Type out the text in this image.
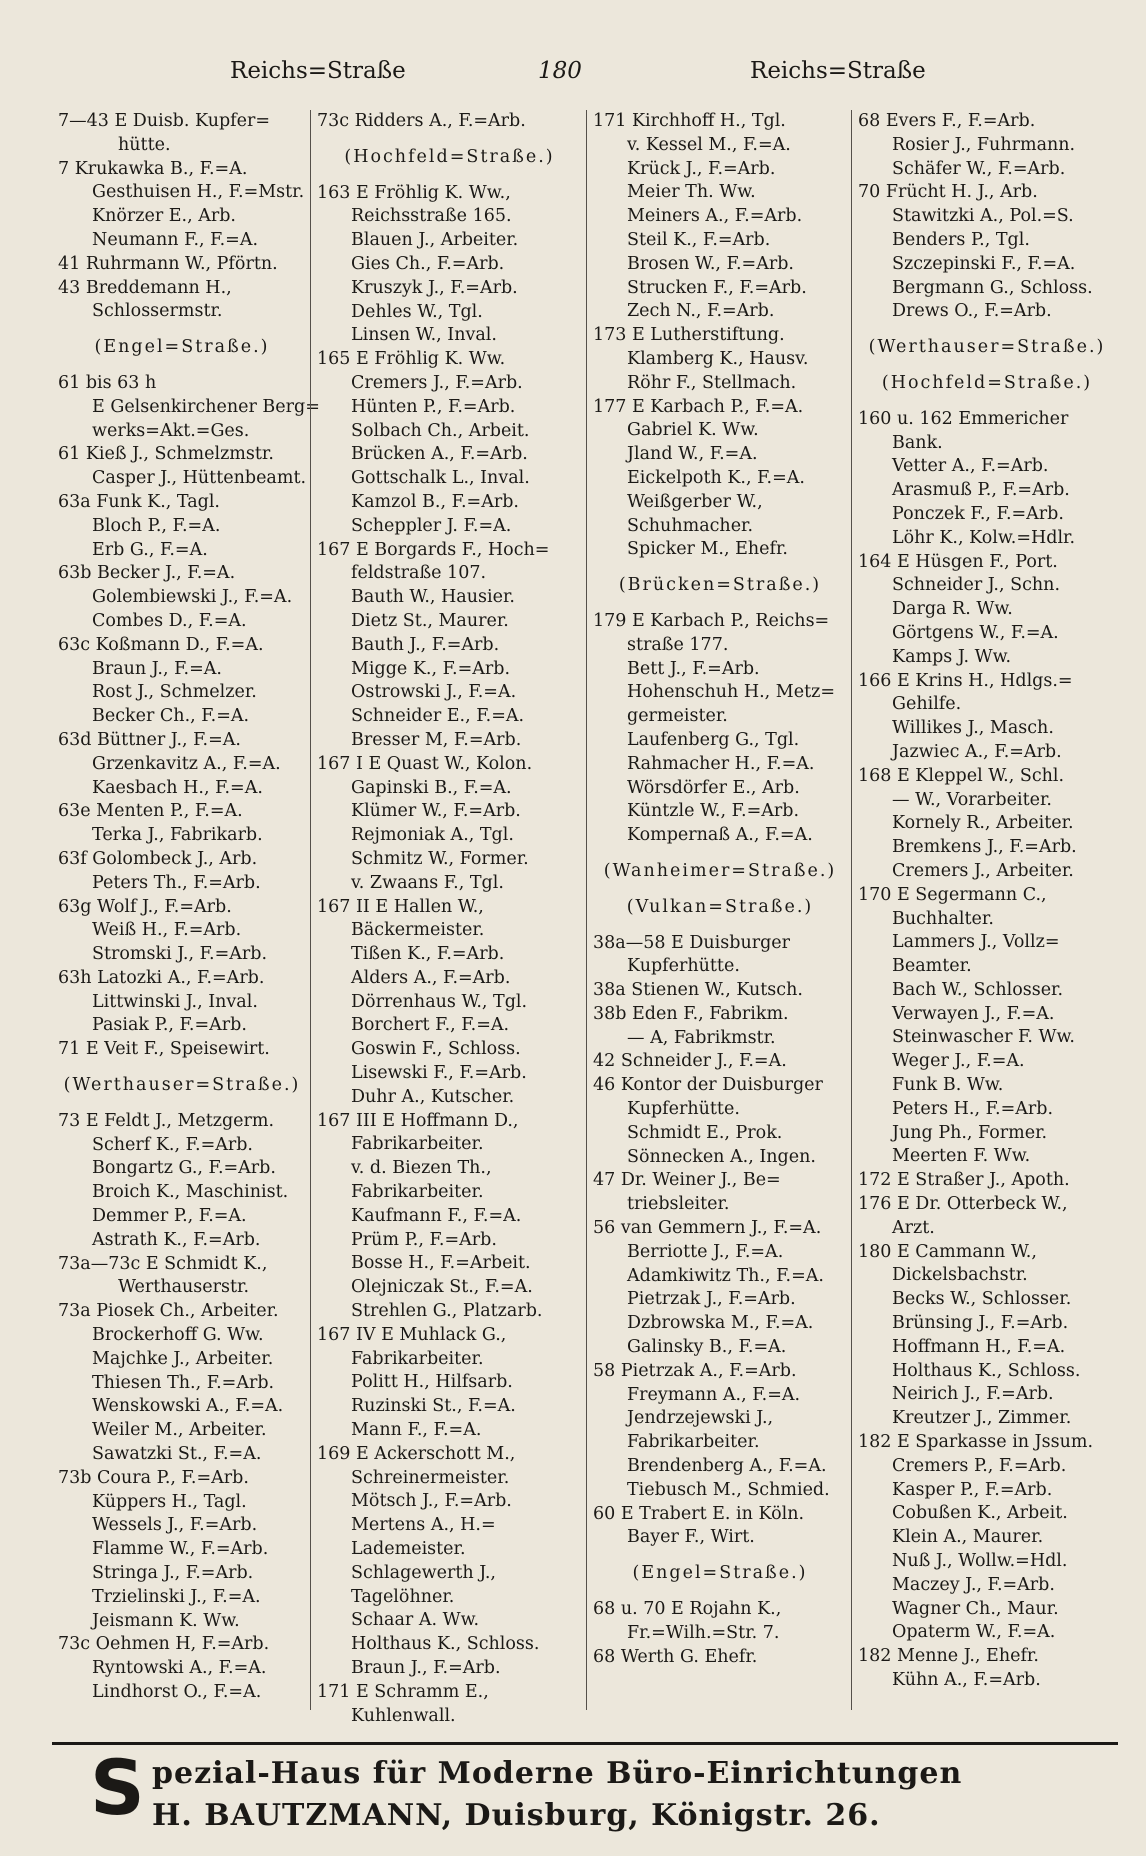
Reichs=Straße	180	Reichs=Straße
7—43 E Duisb. Kupfer=
hütte.
7 Krukawka B., F.=A.
Gesthuisen H., F.=Mstr.
Knörzer E., Arb.
Neumann F., F.=A.
41 Ruhrmann W., Pförtn.
43 Breddemann H.,
Schlossermstr.
(Engel=Straße.)
61 bis 63 h
E Gelsenkirchener Berg=
werks=Akt.=Ges.
61 Kieß J., Schmelzmstr.
Casper J., Hüttenbeamt.
63a Funk K., Tagl.
Bloch P., F.=A.
Erb G., F.=A.
63b Becker J., F.=A.
Golembiewski J., F.=A.
Combes D., F.=A.
63c Koßmann D., F.=A.
Braun J., F.=A.
Rost J., Schmelzer.
Becker Ch., F.=A.
63d Büttner J., F.=A.
Grzenkavitz A., F.=A.
Kaesbach H., F.=A.
63e Menten P., F.=A.
Terka J., Fabrikarb.
63f Golombeck J., Arb.
Peters Th., F.=Arb.
63g Wolf J., F.=Arb.
Weiß H., F.=Arb.
Stromski J., F.=Arb.
63h Latozki A., F.=Arb.
Littwinski J., Inval.
Pasiak P., F.=Arb.
71 E Veit F., Speisewirt.
(Werthauser=Straße.)
73 E Feldt J., Metzgerm.
Scherf K., F.=Arb.
Bongartz G., F.=Arb.
Broich K., Maschinist.
Demmer P., F.=A.
Astrath K., F.=Arb.
73a—73c E Schmidt K.,
Werthauserstr.
73a Piosek Ch., Arbeiter.
Brockerhoff G. Ww.
Majchke J., Arbeiter.
Thiesen Th., F.=Arb.
Wenskowski A., F.=A.
Weiler M., Arbeiter.
Sawatzki St., F.=A.
73b Coura P., F.=Arb.
Küppers H., Tagl.
Wessels J., F.=Arb.
Flamme W., F.=Arb.
Stringa J., F.=Arb.
Trzielinski J., F.=A.
Jeismann K. Ww.
73c Oehmen H, F.=Arb.
Ryntowski A., F.=A.
Lindhorst O., F.=A.
73c Ridders A., F.=Arb.
(Hochfeld=Straße.)
163 E Fröhlig K. Ww.,
Reichsstraße 165.
Blauen J., Arbeiter.
Gies Ch., F.=Arb.
Kruszyk J., F.=Arb.
Dehles W., Tgl.
Linsen W., Inval.
165 E Fröhlig K. Ww.
Cremers J., F.=Arb.
Hünten P., F.=Arb.
Solbach Ch., Arbeit.
Brücken A., F.=Arb.
Gottschalk L., Inval.
Kamzol B., F.=Arb.
Scheppler J. F.=A.
167 E Borgards F., Hoch=
feldstraße 107.
Bauth W., Hausier.
Dietz St., Maurer.
Bauth J., F.=Arb.
Migge K., F.=Arb.
Ostrowski J., F.=A.
Schneider E., F.=A.
Bresser M, F.=Arb.
167 I E Quast W., Kolon.
Gapinski B., F.=A.
Klümer W., F.=Arb.
Rejmoniak A., Tgl.
Schmitz W., Former.
v. Zwaans F., Tgl.
167 II E Hallen W.,
Bäckermeister.
Tißen K., F.=Arb.
Alders A., F.=Arb.
Dörrenhaus W., Tgl.
Borchert F., F.=A.
Goswin F., Schloss.
Lisewski F., F.=Arb.
Duhr A., Kutscher.
167 III E Hoffmann D.,
Fabrikarbeiter.
v. d. Biezen Th.,
Fabrikarbeiter.
Kaufmann F., F.=A.
Prüm P., F.=Arb.
Bosse H., F.=Arbeit.
Olejniczak St., F.=A.
Strehlen G., Platzarb.
167 IV E Muhlack G.,
Fabrikarbeiter.
Politt H., Hilfsarb.
Ruzinski St., F.=A.
Mann F., F.=A.
169 E Ackerschott M.,
Schreinermeister.
Mötsch J., F.=Arb.
Mertens A., H.=
Lademeister.
Schlagewerth J.,
Tagelöhner.
Schaar A. Ww.
Holthaus K., Schloss.
Braun J., F.=Arb.
171 E Schramm E.,
Kuhlenwall.
171 Kirchhoff H., Tgl.
v. Kessel M., F.=A.
Krück J., F.=Arb.
Meier Th. Ww.
Meiners A., F.=Arb.
Steil K., F.=Arb.
Brosen W., F.=Arb.
Strucken F., F.=Arb.
Zech N., F.=Arb.
173 E Lutherstiftung.
Klamberg K., Hausv.
Röhr F., Stellmach.
177 E Karbach P., F.=A.
Gabriel K. Ww.
Jland W., F.=A.
Eickelpoth K., F.=A.
Weißgerber W.,
Schuhmacher.
Spicker M., Ehefr.
(Brücken=Straße.)
179 E Karbach P., Reichs=
straße 177.
Bett J., F.=Arb.
Hohenschuh H., Metz=
germeister.
Laufenberg G., Tgl.
Rahmacher H., F.=A.
Wörsdörfer E., Arb.
Küntzle W., F.=Arb.
Kompernaß A., F.=A.
(Wanheimer=Straße.)
(Vulkan=Straße.)
38a—58 E Duisburger
Kupferhütte.
38a Stienen W., Kutsch.
38b Eden F., Fabrikm.
— A, Fabrikmstr.
42 Schneider J., F.=A.
46 Kontor der Duisburger
Kupferhütte.
Schmidt E., Prok.
Sönnecken A., Ingen.
47 Dr. Weiner J., Be=
triebsleiter.
56 van Gemmern J., F.=A.
Berriotte J., F.=A.
Adamkiwitz Th., F.=A.
Pietrzak J., F.=Arb.
Dzbrowska M., F.=A.
Galinsky B., F.=A.
58 Pietrzak A., F.=Arb.
Freymann A., F.=A.
Jendrzejewski J.,
Fabrikarbeiter.
Brendenberg A., F.=A.
Tiebusch M., Schmied.
60 E Trabert E. in Köln.
Bayer F., Wirt.
(Engel=Straße.)
68 u. 70 E Rojahn K.,
Fr.=Wilh.=Str. 7.
68 Werth G. Ehefr.
68 Evers F., F.=Arb.
Rosier J., Fuhrmann.
Schäfer W., F.=Arb.
70 Frücht H. J., Arb.
Stawitzki A., Pol.=S.
Benders P., Tgl.
Szczepinski F., F.=A.
Bergmann G., Schloss.
Drews O., F.=Arb.
(Werthauser=Straße.)
(Hochfeld=Straße.)
160 u. 162 Emmericher
Bank.
Vetter A., F.=Arb.
Arasmuß P., F.=Arb.
Ponczek F., F.=Arb.
Löhr K., Kolw.=Hdlr.
164 E Hüsgen F., Port.
Schneider J., Schn.
Darga R. Ww.
Görtgens W., F.=A.
Kamps J. Ww.
166 E Krins H., Hdlgs.=
Gehilfe.
Willikes J., Masch.
Jazwiec A., F.=Arb.
168 E Kleppel W., Schl.
— W., Vorarbeiter.
Kornely R., Arbeiter.
Bremkens J., F.=Arb.
Cremers J., Arbeiter.
170 E Segermann C.,
Buchhalter.
Lammers J., Vollz=
Beamter.
Bach W., Schlosser.
Verwayen J., F.=A.
Steinwascher F. Ww.
Weger J., F.=A.
Funk B. Ww.
Peters H., F.=Arb.
Jung Ph., Former.
Meerten F. Ww.
172 E Straßer J., Apoth.
176 E Dr. Otterbeck W.,
Arzt.
180 E Cammann W.,
Dickelsbachstr.
Becks W., Schlosser.
Brünsing J., F.=Arb.
Hoffmann H., F.=A.
Holthaus K., Schloss.
Neirich J., F.=Arb.
Kreutzer J., Zimmer.
182 E Sparkasse in Jssum.
Cremers P., F.=Arb.
Kasper P., F.=Arb.
Cobußen K., Arbeit.
Klein A., Maurer.
Nuß J., Wollw.=Hdl.
Maczey J., F.=Arb.
Wagner Ch., Maur.
Opaterm W., F.=A.
182 Menne J., Ehefr.
Kühn A., F.=Arb.
S pezial-Haus für Moderne Büro-Einrichtungen
H. BAUTZMANN, Duisburg, Königstr. 26.
